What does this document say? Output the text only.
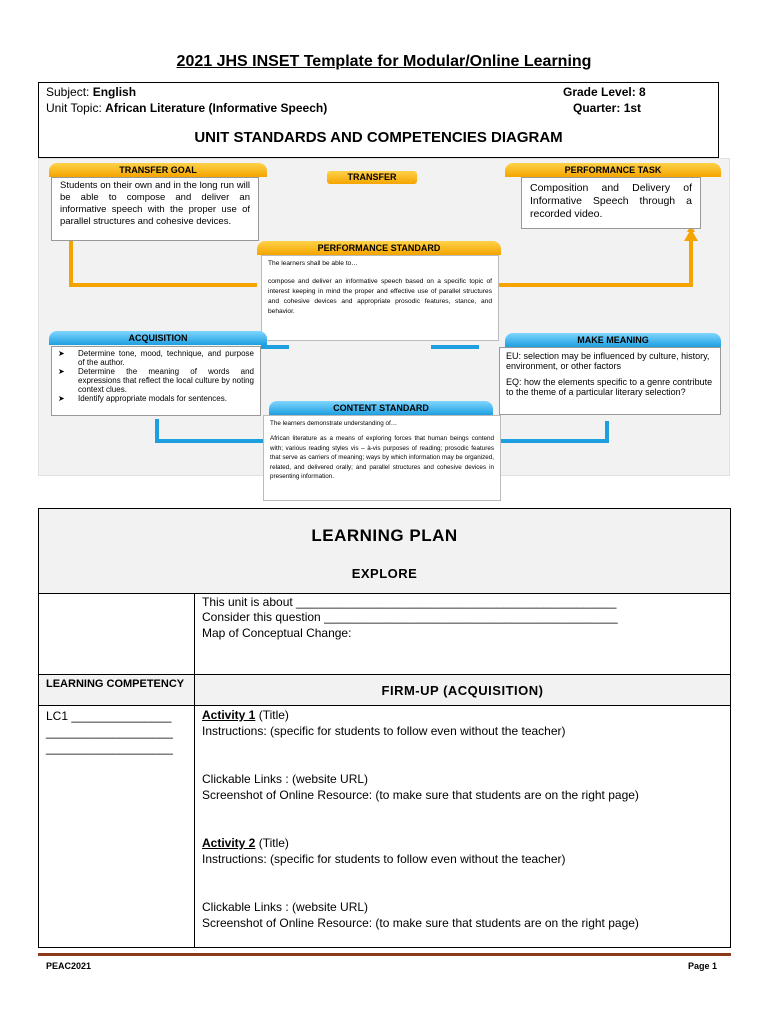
2021 JHS INSET Template for Modular/Online Learning
Subject: English
Unit Topic: African Literature (Informative Speech)
Grade Level: 8
Quarter: 1st
UNIT STANDARDS AND COMPETENCIES DIAGRAM
TRANSFER GOAL
Students on their own and in the long run will be able to compose and deliver an informative speech with the proper use of parallel structures and cohesive devices.
TRANSFER
PERFORMANCE TASK
Composition and Delivery of Informative Speech through a recorded video.
PERFORMANCE STANDARD
The learners shall be able to…
compose and deliver an informative speech based on a specific topic of interest keeping in mind the proper and effective use of parallel structures and cohesive devices and appropriate prosodic features, stance, and behavior.
ACQUISITION
➤	Determine tone, mood, technique, and purpose of the author.
➤	Determine the meaning of words and expressions that reflect the local culture by noting context clues.
➤	Identify appropriate modals for sentences.
MAKE MEANING
EU: selection may be influenced by culture, history, environment, or other factors
EQ: how the elements specific to a genre contribute to the theme of a particular literary selection?
CONTENT STANDARD
The learners demonstrate understanding of…
African literature as a means of exploring forces that human beings contend with; various reading styles vis – à-vis purposes of reading; prosodic features that serve as carriers of meaning; ways by which information may be organized, related, and delivered orally; and parallel structures and cohesive devices in presenting information.
LEARNING PLAN
EXPLORE
This unit is about ________________________________________________
Consider this question ____________________________________________
Map of Conceptual Change:
LEARNING COMPETENCY	FIRM-UP (ACQUISITION)
LC1 _______________
___________________
___________________
Activity 1 (Title)
Instructions: (specific for students to follow even without the teacher)
Clickable Links : (website URL)
Screenshot of Online Resource: (to make sure that students are on the right page)
Activity 2 (Title)
Instructions: (specific for students to follow even without the teacher)
Clickable Links : (website URL)
Screenshot of Online Resource: (to make sure that students are on the right page)
PEAC2021	Page 1
